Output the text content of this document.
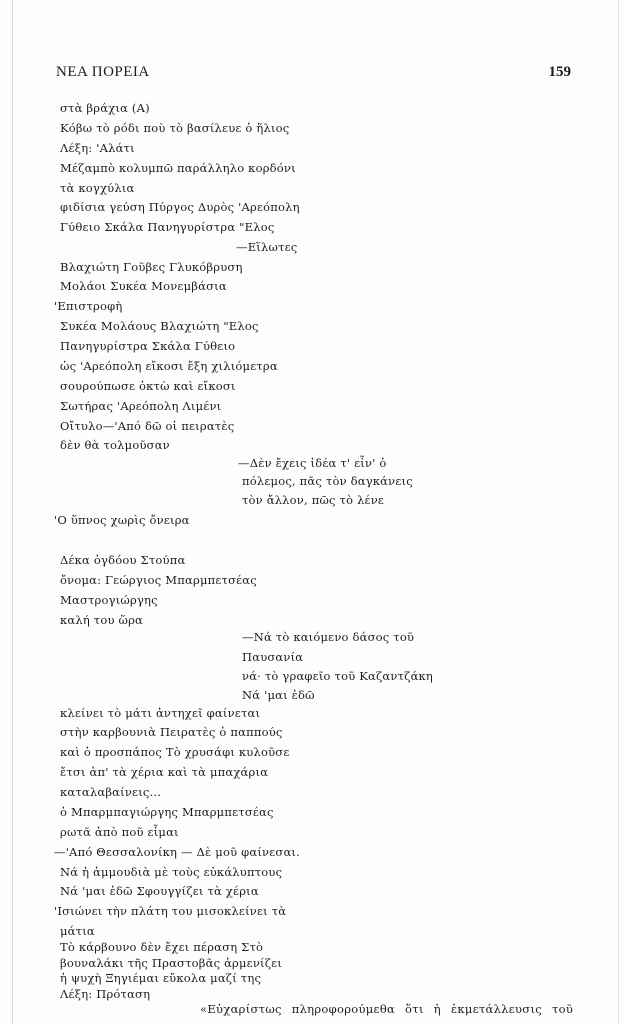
ΝΕΑ ΠΟΡΕΙΑ	159
στὰ βράχια (Α)
Κόβω τὸ ρόδι ποὺ τὸ βασίλευε ὁ ἥλιος
Λέξη: 'Αλάτι
Μέζαμπὸ κολυμπῶ παράλληλο κορδόνι
τὰ κογχύλια
φιδίσια γεύση Πύργος Δυρὸς 'Αρεόπολη
Γύθειο Σκάλα Πανηγυρίστρα "Ελος
—Εἵλωτες
Βλαχιώτη Γοῦβες Γλυκόβρυση
Μολάοι Συκέα Μονεμβάσια
'Επιστροφὴ
Συκέα Μολάους Βλαχιώτη "Ελος
Πανηγυρίστρα Σκάλα Γύθειο
ὡς 'Αρεόπολη εἴκοσι ἔξη χιλιόμετρα
σουρούπωσε ὀκτὼ καὶ εἴκοσι
Σωτήρας 'Αρεόπολη Λιμένι
Οἴτυλο—'Από δῶ οἱ πειρατὲς
δὲν θὰ τολμοῦσαν
—Δὲν ἔχεις ἰδέα τ' εἶν' ὁ
πόλεμος, πᾶς τὸν δαγκάνεις
τὸν ἄλλον, πῶς τὸ λένε
'Ο ὕπνος χωρὶς ὄνειρα
Δέκα ὀγδόου Στούπα
ὄνομα: Γεώργιος Μπαρμπετσέας
Μαστρογιώργης
καλή του ὥρα
—Νά τὸ καιόμενο δάσος τοῦ
Παυσανία
νά· τὸ γραφεῖο τοῦ Καζαντζάκη
Νά 'μαι ἐδῶ
κλείνει τὸ μάτι ἀντηχεῖ φαίνεται
στὴν καρβουνιὰ Πειρατὲς ὁ παππούς
καὶ ὁ προσπάπος Τὸ χρυσάφι κυλοῦσε
ἔτσι ἀπ' τὰ χέρια καὶ τὰ μπαχάρια
καταλαβαίνεις...
ὁ Μπαρμπαγιώργης Μπαρμπετσέας
ρωτᾶ ἀπὸ ποῦ εἶμαι
—'Από Θεσσαλονίκη — Δὲ μοῦ φαίνεσαι.
Νά ἡ ἀμμουδιὰ μὲ τοὺς εὐκάλυπτους
Νά 'μαι ἐδῶ Σφουγγίζει τὰ χέρια
'Ισιώνει τὴν πλάτη του μισοκλείνει τὰ
μάτια
Τὸ κάρβουνο δὲν ἔχει πέραση Στὸ
βουναλάκι τῆς Πραστοβᾶς ἀρμενίζει
ἡ ψυχὴ Ξηγιέμαι εὔκολα μαζί της
Λέξη: Πρόταση
«Εὐχαρίστως πληροφορούμεθα ὅτι ἡ ἐκμετάλλευσις τοῦ
